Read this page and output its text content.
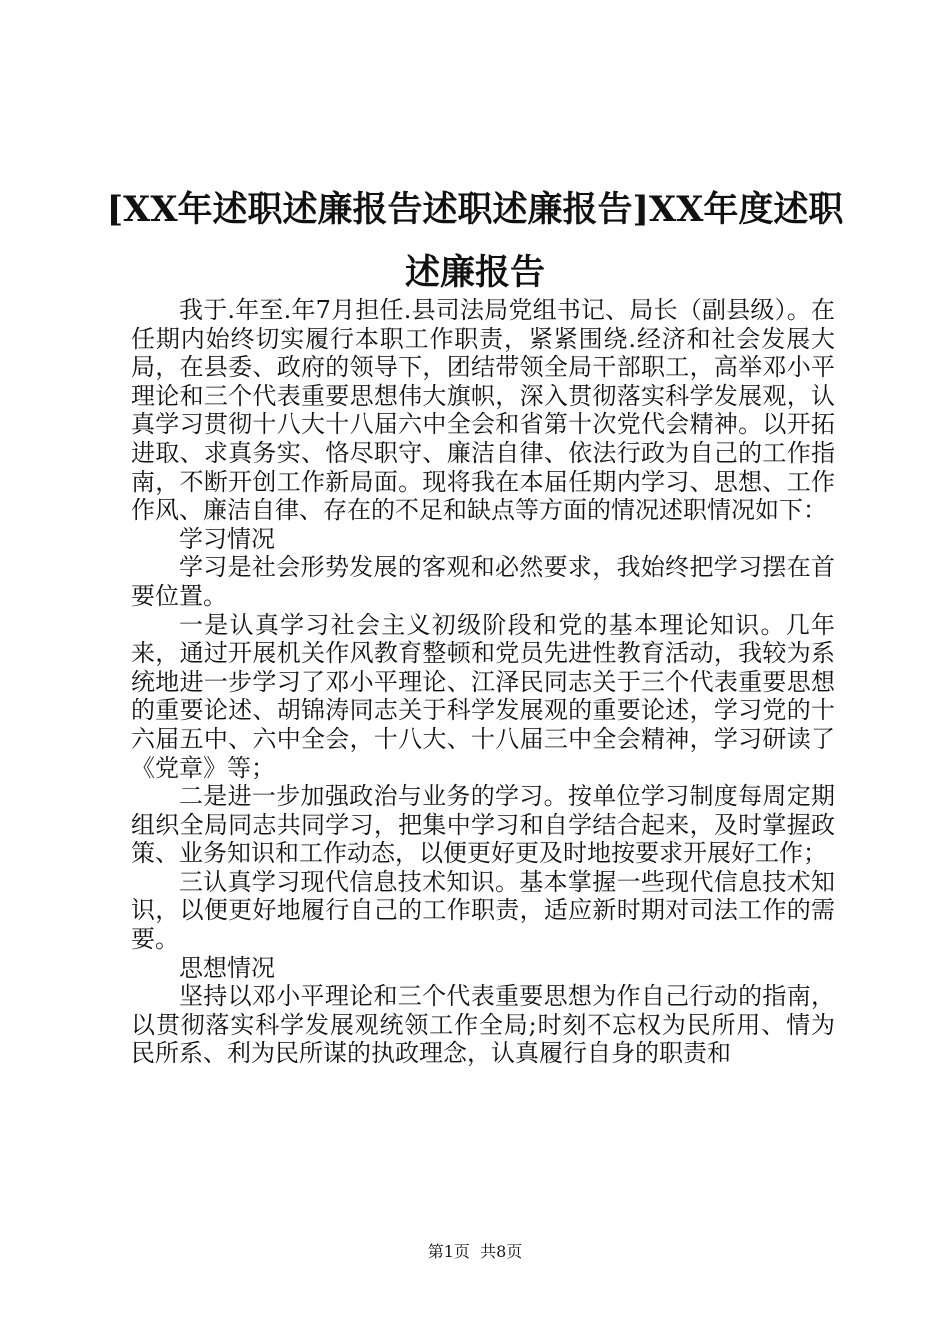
[XX年述职述廉报告述职述廉报告]XX年度述职述廉报告

我于.年至.年7月担任.县司法局党组书记、局长（副县级）。在任期内始终切实履行本职工作职责，紧紧围绕.经济和社会发展大局，在县委、政府的领导下，团结带领全局干部职工，高举邓小平理论和三个代表重要思想伟大旗帜，深入贯彻落实科学发展观，认真学习贯彻十八大十八届六中全会和省第十次党代会精神。以开拓进取、求真务实、恪尽职守、廉洁自律、依法行政为自己的工作指南，不断开创工作新局面。现将我在本届任期内学习、思想、工作作风、廉洁自律、存在的不足和缺点等方面的情况述职情况如下：

学习情况

学习是社会形势发展的客观和必然要求，我始终把学习摆在首要位置。

一是认真学习社会主义初级阶段和党的基本理论知识。几年来，通过开展机关作风教育整顿和党员先进性教育活动，我较为系统地进一步学习了邓小平理论、江泽民同志关于三个代表重要思想的重要论述、胡锦涛同志关于科学发展观的重要论述，学习党的十六届五中、六中全会，十八大、十八届三中全会精神，学习研读了《党章》等；

二是进一步加强政治与业务的学习。按单位学习制度每周定期组织全局同志共同学习，把集中学习和自学结合起来，及时掌握政策、业务知识和工作动态，以便更好更及时地按要求开展好工作；

三认真学习现代信息技术知识。基本掌握一些现代信息技术知识，以便更好地履行自己的工作职责，适应新时期对司法工作的需要。

思想情况

坚持以邓小平理论和三个代表重要思想为作自己行动的指南，以贯彻落实科学发展观统领工作全局;时刻不忘权为民所用、情为民所系、利为民所谋的执政理念，认真履行自身的职责和

第1页 共8页
